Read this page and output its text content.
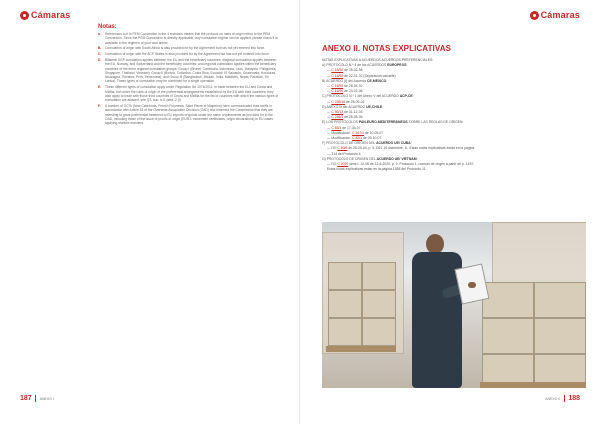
Cámaras
Notas:
a.	References to it in PEM Convention in the 4 revisions means that the protocol on rules of origin refers to the PEM Convention. Since the PEM Convention is directly applicable, any cumulation regime can be applied, please check it is available in the regimen of your own annex.
B.	Cumulation of origin with South Africa is also provided for by the Agreement but has not yet entered into force.
C.	Cumulation of origin with the ACP States is also provided for by the Agreement but has not yet entered into force.
D.	Bilateral GSP cumulation applies between the EU and the beneficiary countries; diagonal cumulation applies between the EU, Norway, and Switzerland and the beneficiary countries; and regional cumulation applies within the beneficiary countries of the three regional cumulation groups: Group I (Brunei, Cambodia, Indonesia, Laos, Malaysia, Philippines, Singapore, Thailand, Vietnam); Group II (Bolivia, Colombia, Costa Rica, Ecuador, El Salvador, Guatemala, Honduras, Nicaragua, Panama, Peru, Venezuela); and Group III (Bangladesh, Bhutan, India, Maldives, Nepal, Pakistan, Sri Lanka). These types of cumulation may be combined for a single operation.
E.	These different types of cumulation apply under Regulation No 1076/2011, in trade between the EU and Ceuta and Melilla, but under the rules of origin of the preferential arrangements established by the EU with third countries; they also apply to trade with those third countries of Ceuta and Melilla for the list of countries with which the various types of cumulation are allowed, see Q1, sub. a.3, para. 2 (i).
F.	A number of OCTs (New Caledonia, French Polynesia, Saint Pierre et Miquelon) have communicated their tariffs in accordance with Article 45 of the Overseas Association Decision (OAD) and informed the Commission that they are intending to grant preferential treatment to EU exports of goods under the same requirements as provided for in the OAD, including those of the issue of proofs of origin (EUR.1 movement certificates, origin declarations) in EU cases applying realistic manners.
187	ANEXO I
Cámaras
ANEXO II. NOTAS EXPLICATIVAS
NOTAS EXPLICATIVAS A ACUERDOS ACUERDOS PREFERENCIALES:
A) PROTOCOLO N.º 4 de los ACUERDOS EUROPEOS:
— C 16/92 de 25-02-98
— C 16/92 de 22-01-02 (Separación variable)
B) ACUERDO (I) del Acuerdo CE-MÉXICO:
— C 16/92 de 28-04-02
— C 16/92 de 24-02-06
C) PROTOCOLO N.º 1 del Anexo V del ACUERDO ACP-CE:
— C 228/16 de 25-09-02
D) ANEXO III del ACUERDO UE-CHILE:
— C 90/13 de 31-12-03
— C 256/1 de 28-05-06
E) LOS PROTOCOLOS PAN-EURO-MEDITERRÁNEOS SOBRE LAS REGLAS DE ORIGEN:
— C 83/1 de 17-04-07
— Modificación: C 267/4 de 10-09-07
— Modificación: C 82/1 de 03-10-07
F) PROTOCOLO DE ORIGEN DEL ACUERDO UE/ CUBA:
— DO C 60/6 de 25-05-04, p. 5. DEL 16 diciembre. IL. Estas notas explicativas están en la página
— 314 del Protocolo 4
G) PROTOCOLO DE ORIGEN DEL ACUERDO UE/ VIETNAM:
— DO C 2020 serie L 12-06 de 12-6-2020, p. 9. Protocolo 1, normas de origen a partir de p. 1457.
Estas notas explicativas están en la página 1388 del Protocolo 11
ANEXO II	188
